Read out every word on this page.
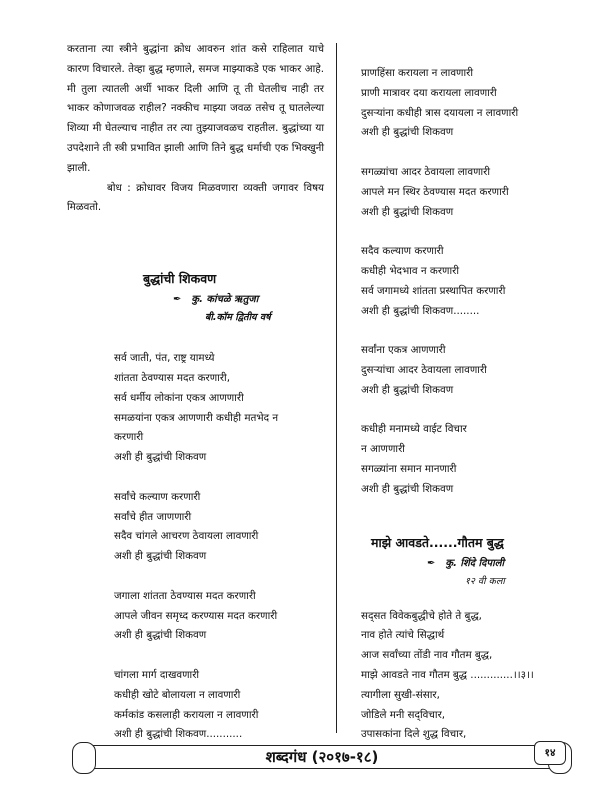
करताना त्या स्त्रीने बुद्धांना क्रोध आवरुन शांत कसे राहिलात याचे कारण विचारले. तेव्हा बुद्ध म्हणाले, समज माझ्याकडे एक भाकर आहे. मी तुला त्यातली अर्धी भाकर दिली आणि तू ती घेतलीच नाही तर भाकर कोणाजवळ राहील? नक्कीच माझ्या जवळ तसेच तू घातलेल्या शिव्या मी घेतल्याच नाहीत तर त्या तुझ्याजवळच राहतील. बुद्धांच्या या उपदेशाने ती स्त्री प्रभावित झाली आणि तिने बुद्ध धर्माची एक भिक्खुनी झाली.

बोध : क्रोधावर विजय मिळवणारा व्यक्ती जगावर विषय मिळवतो.

बुद्धांची शिकवण

✒ कु. कांचळे ऋतुजा

बी.कॉम द्वितीय वर्ष

सर्व जाती, पंत, राष्ट्र यामध्ये

शांतता ठेवण्यास मदत करणारी,

सर्व धर्मीय लोकांना एकत्र आणणारी

समळयांना एकत्र आणणारी कधीही मतभेद न

करणारी

अशी ही बुद्धांची शिकवण

सर्वांचे कल्याण करणारी

सर्वांचे हीत जाणणारी

सदैव चांगले आचरण ठेवायला लावणारी

अशी ही बुद्धांची शिकवण

जगाला शांतता ठेवण्यास मदत करणारी

आपले जीवन समृध्द करण्यास मदत करणारी

अशी ही बुद्धांची शिकवण

चांगला मार्ग दाखवणारी

कधीही खोटे बोलायला न लावणारी

कर्मकांड कसलाही करायला न लावणारी

अशी ही बुद्धांची शिकवण...........

प्राणहिंसा करायला न लावणारी

प्राणी मात्रावर दया करायला लावणारी

दुसऱ्यांना कधीही त्रास दयायला न लावणारी

अशी ही बुद्धांची शिकवण

सगळ्यांचा आदर ठेवायला लावणारी

आपले मन स्थिर ठेवण्यास मदत करणारी

अशी ही बुद्धांची शिकवण

सदैव कल्याण करणारी

कधीही भेदभाव न करणारी

सर्व जगामध्ये शांतता प्रस्थापित करणारी

अशी ही बुद्धांची शिकवण........

सर्वांना एकत्र आणणारी

दुसऱ्यांचा आदर ठेवायला लावणारी

अशी ही बुद्धांची शिकवण

कधीही मनामध्ये वाईट विचार

न आणणारी

सगळ्यांना समान मानणारी

अशी ही बुद्धांची शिकवण

माझे आवडते......गौतम बुद्ध

✒ कु. शिंदे दिपाली

१२ वी कला

सद्सत विवेकबुद्धीचे होते ते बुद्ध,

नाव होते त्यांचे सिद्धार्थ

आज सर्वांच्या तोंडी नाव गौतम बुद्ध,

माझे आवडते नाव गौतम बुद्ध .............।।३।।

त्यागीला सुखी-संसार,

जोडिले मनी सद्‌विचार,

उपासकांना दिले शुद्ध विचार,

शब्दगंध (२०१७-१८)	१४
